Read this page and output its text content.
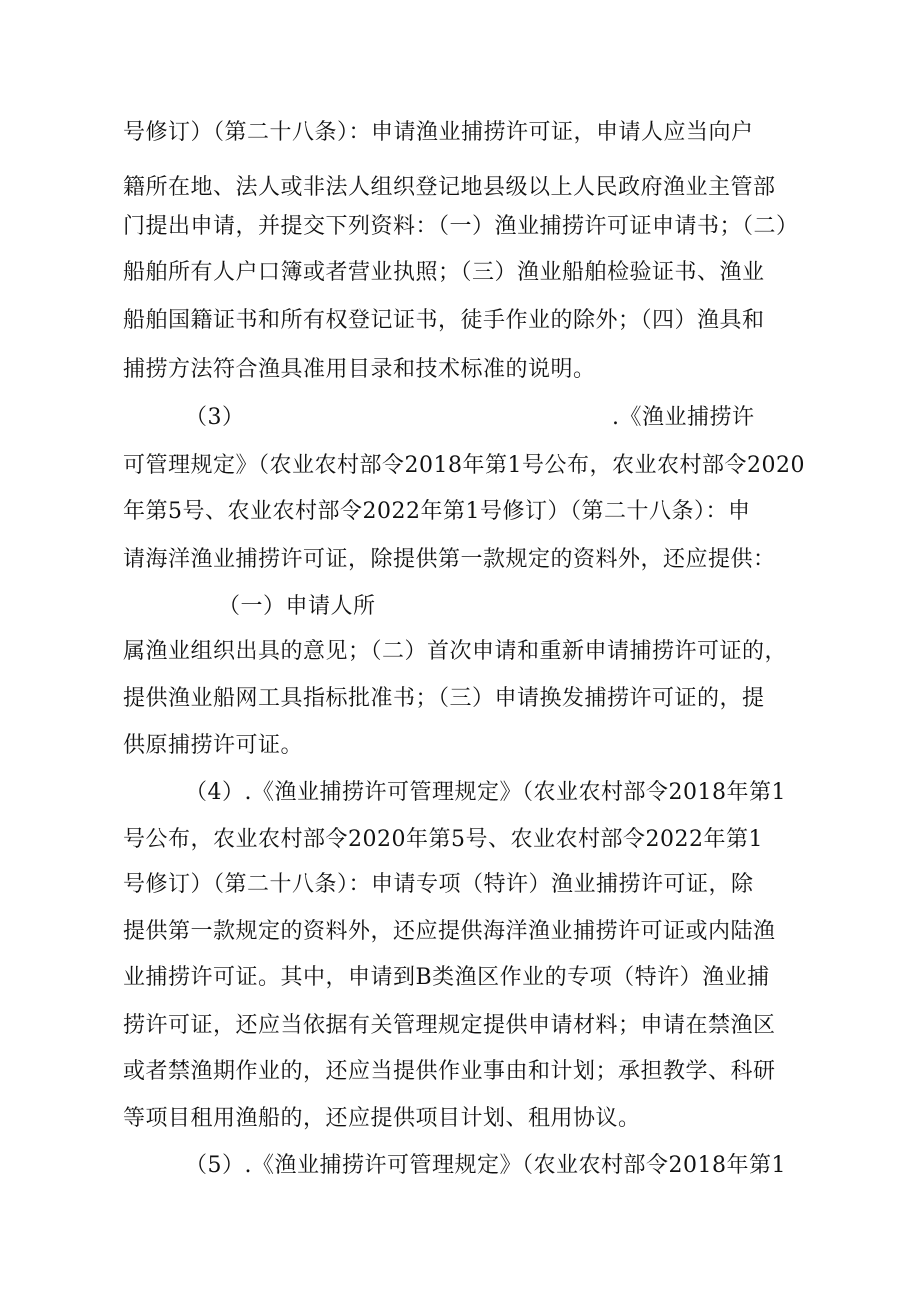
号修订）（第二十八条）：申请渔业捕捞许可证，申请人应当向户
籍所在地、法人或非法人组织登记地县级以上人民政府渔业主管部
门提出申请，并提交下列资料：（一）渔业捕捞许可证申请书；（二）
船舶所有人户口簿或者营业执照；（三）渔业船舶检验证书、渔业
船舶国籍证书和所有权登记证书，徒手作业的除外；（四）渔具和
捕捞方法符合渔具准用目录和技术标准的说明。
（3）	.《渔业捕捞许
可管理规定》（农业农村部令2018年第1号公布，农业农村部令2020
年第5号、农业农村部令2022年第1号修订）（第二十八条）：申
请海洋渔业捕捞许可证，除提供第一款规定的资料外，还应提供：
（一）申请人所
属渔业组织出具的意见；（二）首次申请和重新申请捕捞许可证的，
提供渔业船网工具指标批准书；（三）申请换发捕捞许可证的，提
供原捕捞许可证。
（4）.《渔业捕捞许可管理规定》（农业农村部令2018年第1
号公布，农业农村部令2020年第5号、农业农村部令2022年第1
号修订）（第二十八条）：申请专项（特许）渔业捕捞许可证，除
提供第一款规定的资料外，还应提供海洋渔业捕捞许可证或内陆渔
业捕捞许可证。其中，申请到B类渔区作业的专项（特许）渔业捕
捞许可证，还应当依据有关管理规定提供申请材料；申请在禁渔区
或者禁渔期作业的，还应当提供作业事由和计划；承担教学、科研
等项目租用渔船的，还应提供项目计划、租用协议。
（5）.《渔业捕捞许可管理规定》（农业农村部令2018年第1
